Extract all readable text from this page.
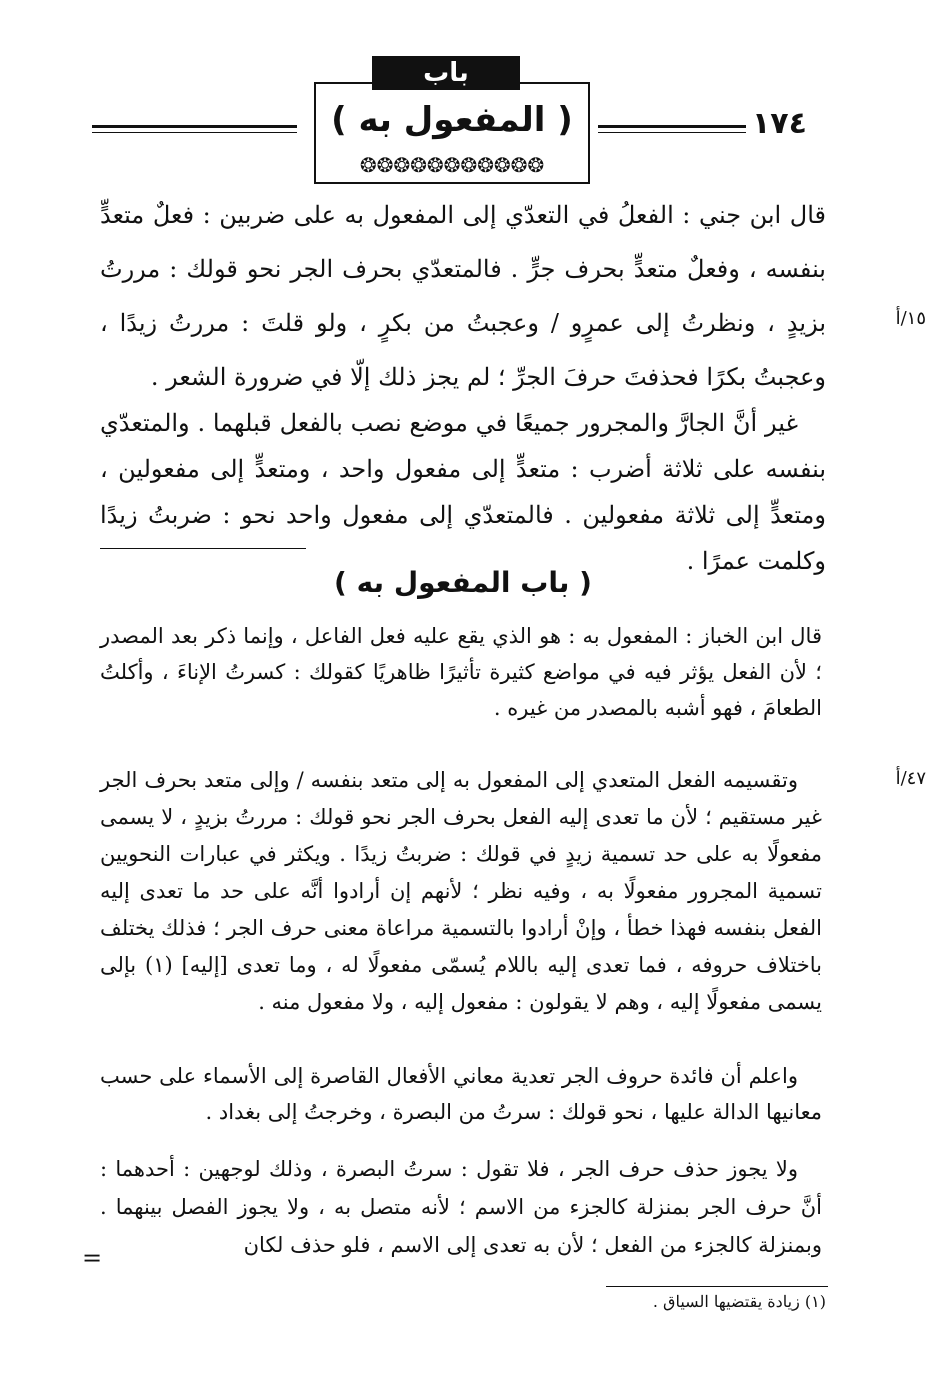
١٧٤
( المفعول به )
❂❂❂❂❂❂❂❂❂❂❂
باب

قال ابن جني : الفعلُ في التعدّي إلى المفعول به على ضربين : فعلٌ متعدٍّ بنفسه ، وفعلٌ متعدٍّ بحرف جرٍّ . فالمتعدّي بحرف الجر نحو قولك : مررتُ بزيدٍ ، ونظرتُ إلى عمرٍو / وعجبتُ من بكرٍ ، ولو قلتَ : مررتُ زيدًا ، وعجبتُ بكرًا فحذفتَ حرفَ الجرِّ ؛ لم يجز ذلك إلّا في ضرورة الشعر .

١٥/أ

غير أنَّ الجارَّ والمجرور جميعًا في موضع نصب بالفعل قبلهما . والمتعدّي بنفسه على ثلاثة أضرب : متعدٍّ إلى مفعول واحد ، ومتعدٍّ إلى مفعولين ، ومتعدٍّ إلى ثلاثة مفعولين . فالمتعدّي إلى مفعول واحد نحو : ضربتُ زيدًا وكلمت عمرًا .

( باب المفعول به )

قال ابن الخباز : المفعول به : هو الذي يقع عليه فعل الفاعل ، وإنما ذكر بعد المصدر ؛ لأن الفعل يؤثر فيه في مواضع كثيرة تأثيرًا ظاهريًا كقولك : كسرتُ الإناءَ ، وأكلتُ الطعامَ ، فهو أشبه بالمصدر من غيره .

وتقسيمه الفعل المتعدي إلى المفعول به إلى متعد بنفسه / وإلى متعد بحرف الجر غير مستقيم ؛ لأن ما تعدى إليه الفعل بحرف الجر نحو قولك : مررتُ بزيدٍ ، لا يسمى مفعولًا به على حد تسمية زيدٍ في قولك : ضربتُ زيدًا . ويكثر في عبارات النحويين تسمية المجرور مفعولًا به ، وفيه نظر ؛ لأنهم إن أرادوا أنَّه على حد ما تعدى إليه الفعل بنفسه فهذا خطأ ، وإنْ أرادوا بالتسمية مراعاة معنى حرف الجر ؛ فذلك يختلف باختلاف حروفه ، فما تعدى إليه باللام يُسمّى مفعولًا له ، وما تعدى [إليه] (١) بإلى يسمى مفعولًا إليه ، وهم لا يقولون : مفعول إليه ، ولا مفعول منه .

٤٧/أ

واعلم أن فائدة حروف الجر تعدية معاني الأفعال القاصرة إلى الأسماء على حسب معانيها الدالة عليها ، نحو قولك : سرتُ من البصرة ، وخرجتُ إلى بغداد .

ولا يجوز حذف حرف الجر ، فلا تقول : سرتُ البصرة ، وذلك لوجهين : أحدهما : أنَّ حرف الجر بمنزلة كالجزء من الاسم ؛ لأنه متصل به ، ولا يجوز الفصل بينهما . وبمنزلة كالجزء من الفعل ؛ لأن به تعدى إلى الاسم ، فلو حذف لكان

=
(١) زيادة يقتضيها السياق .
